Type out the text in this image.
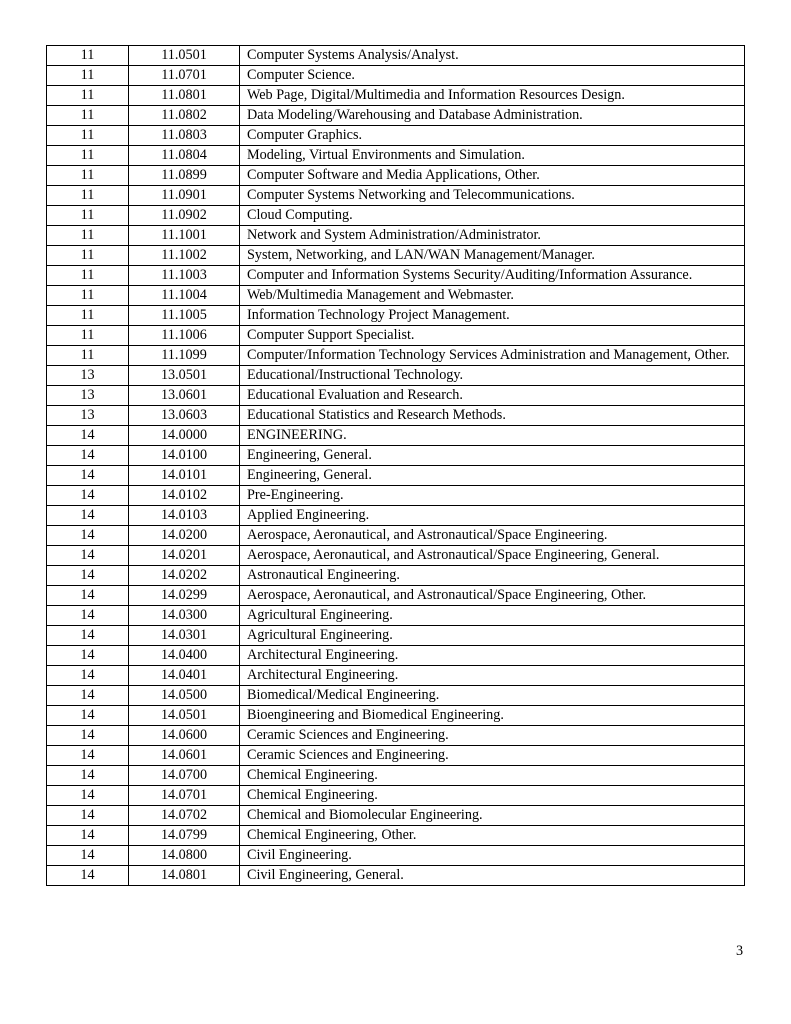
11	11.0501	Computer Systems Analysis/Analyst.
11	11.0701	Computer Science.
11	11.0801	Web Page, Digital/Multimedia and Information Resources Design.
11	11.0802	Data Modeling/Warehousing and Database Administration.
11	11.0803	Computer Graphics.
11	11.0804	Modeling, Virtual Environments and Simulation.
11	11.0899	Computer Software and Media Applications, Other.
11	11.0901	Computer Systems Networking and Telecommunications.
11	11.0902	Cloud Computing.
11	11.1001	Network and System Administration/Administrator.
11	11.1002	System, Networking, and LAN/WAN Management/Manager.
11	11.1003	Computer and Information Systems Security/Auditing/Information Assurance.
11	11.1004	Web/Multimedia Management and Webmaster.
11	11.1005	Information Technology Project Management.
11	11.1006	Computer Support Specialist.
11	11.1099	Computer/Information Technology Services Administration and Management, Other.
13	13.0501	Educational/Instructional Technology.
13	13.0601	Educational Evaluation and Research.
13	13.0603	Educational Statistics and Research Methods.
14	14.0000	ENGINEERING.
14	14.0100	Engineering, General.
14	14.0101	Engineering, General.
14	14.0102	Pre-Engineering.
14	14.0103	Applied Engineering.
14	14.0200	Aerospace, Aeronautical, and Astronautical/Space Engineering.
14	14.0201	Aerospace, Aeronautical, and Astronautical/Space Engineering, General.
14	14.0202	Astronautical Engineering.
14	14.0299	Aerospace, Aeronautical, and Astronautical/Space Engineering, Other.
14	14.0300	Agricultural Engineering.
14	14.0301	Agricultural Engineering.
14	14.0400	Architectural Engineering.
14	14.0401	Architectural Engineering.
14	14.0500	Biomedical/Medical Engineering.
14	14.0501	Bioengineering and Biomedical Engineering.
14	14.0600	Ceramic Sciences and Engineering.
14	14.0601	Ceramic Sciences and Engineering.
14	14.0700	Chemical Engineering.
14	14.0701	Chemical Engineering.
14	14.0702	Chemical and Biomolecular Engineering.
14	14.0799	Chemical Engineering, Other.
14	14.0800	Civil Engineering.
14	14.0801	Civil Engineering, General.
3
